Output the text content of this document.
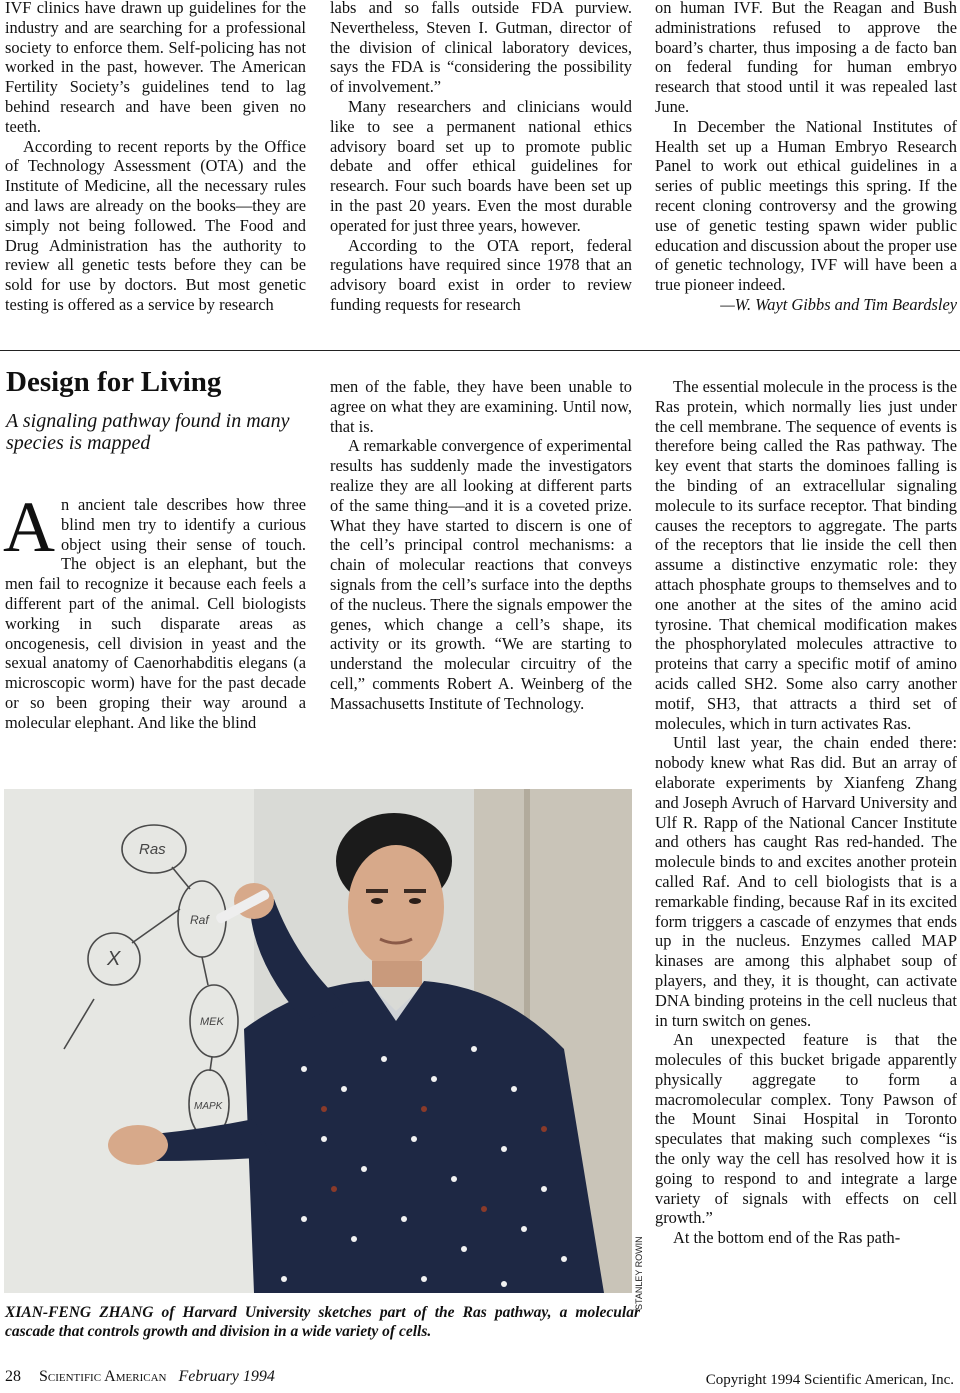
IVF clinics have drawn up guidelines for the industry and are searching for a professional society to enforce them. Self-policing has not worked in the past, however. The American Fertility Society’s guidelines tend to lag behind research and have been given no teeth.

According to recent reports by the Office of Technology Assessment (OTA) and the Institute of Medicine, all the necessary rules and laws are already on the books—they are simply not being followed. The Food and Drug Administration has the authority to review all genetic tests before they can be sold for use by doctors. But most genetic testing is offered as a service by research

labs and so falls outside FDA purview. Nevertheless, Steven I. Gutman, director of the division of clinical laboratory devices, says the FDA is “considering the possibility of involvement.”

Many researchers and clinicians would like to see a permanent national ethics advisory board set up to promote public debate and offer ethical guidelines for research. Four such boards have been set up in the past 20 years. Even the most durable operated for just three years, however.

According to the OTA report, federal regulations have required since 1978 that an advisory board exist in order to review funding requests for research

on human IVF. But the Reagan and Bush administrations refused to approve the board’s charter, thus imposing a de facto ban on federal funding for human embryo research that stood until it was repealed last June.

In December the National Institutes of Health set up a Human Embryo Research Panel to work out ethical guidelines in a series of public meetings this spring. If the recent cloning controversy and the growing use of genetic testing spawn wider public education and discussion about the proper use of genetic technology, IVF will have been a true pioneer indeed.

—W. Wayt Gibbs and Tim Beardsley

Design for Living

A signaling pathway found in many species is mapped

An ancient tale describes how three blind men try to identify a curious object using their sense of touch. The object is an elephant, but the men fail to recognize it because each feels a different part of the animal. Cell biologists working in such disparate areas as oncogenesis, cell division in yeast and the sexual anatomy of Caenorhabditis elegans (a microscopic worm) have for the past decade or so been groping their way around a molecular elephant. And like the blind

men of the fable, they have been unable to agree on what they are examining. Until now, that is.

A remarkable convergence of experimental results has suddenly made the investigators realize they are all looking at different parts of the same thing—and it is a coveted prize. What they have started to discern is one of the cell’s principal control mechanisms: a chain of molecular reactions that conveys signals from the cell’s surface into the depths of the nucleus. There the signals empower the genes, which change a cell’s shape, its activity or its growth. “We are starting to understand the molecular circuitry of the cell,” comments Robert A. Weinberg of the Massachusetts Institute of Technology.

The essential molecule in the process is the Ras protein, which normally lies just under the cell membrane. The sequence of events is therefore being called the Ras pathway. The key event that starts the dominoes falling is the binding of an extracellular signaling molecule to its surface receptor. That binding causes the receptors to aggregate. The parts of the receptors that lie inside the cell then assume a distinctive enzymatic role: they attach phosphate groups to themselves and to one another at the sites of the amino acid tyrosine. That chemical modification makes the phosphorylated molecules attractive to proteins that carry a specific motif of amino acids called SH2. Some also carry another motif, SH3, that attracts a third set of molecules, which in turn activates Ras.

Until last year, the chain ended there: nobody knew what Ras did. But an array of elaborate experiments by Xianfeng Zhang and Joseph Avruch of Harvard University and Ulf R. Rapp of the National Cancer Institute and others has caught Ras red-handed. The molecule binds to and excites another protein called Raf. And to cell biologists that is a remarkable finding, because Raf in its excited form triggers a cascade of enzymes that ends up in the nucleus. Enzymes called MAP kinases are among this alphabet soup of players, and they, it is thought, can activate DNA binding proteins in the cell nucleus that in turn switch on genes.

An unexpected feature is that the molecules of this bucket brigade apparently physically aggregate to form a macromolecular complex. Tony Pawson of the Mount Sinai Hospital in Toronto speculates that making such complexes “is the only way the cell has resolved how it is going to respond to and integrate a large variety of signals with effects on cell growth.”

At the bottom end of the Ras path-

Ras
X
Raf
MEK
MAPK
STANLEY ROWIN

XIAN-FENG ZHANG of Harvard University sketches part of the Ras pathway, a molecular cascade that controls growth and division in a wide variety of cells.

28 Scientific American February 1994	Copyright 1994 Scientific American, Inc.
